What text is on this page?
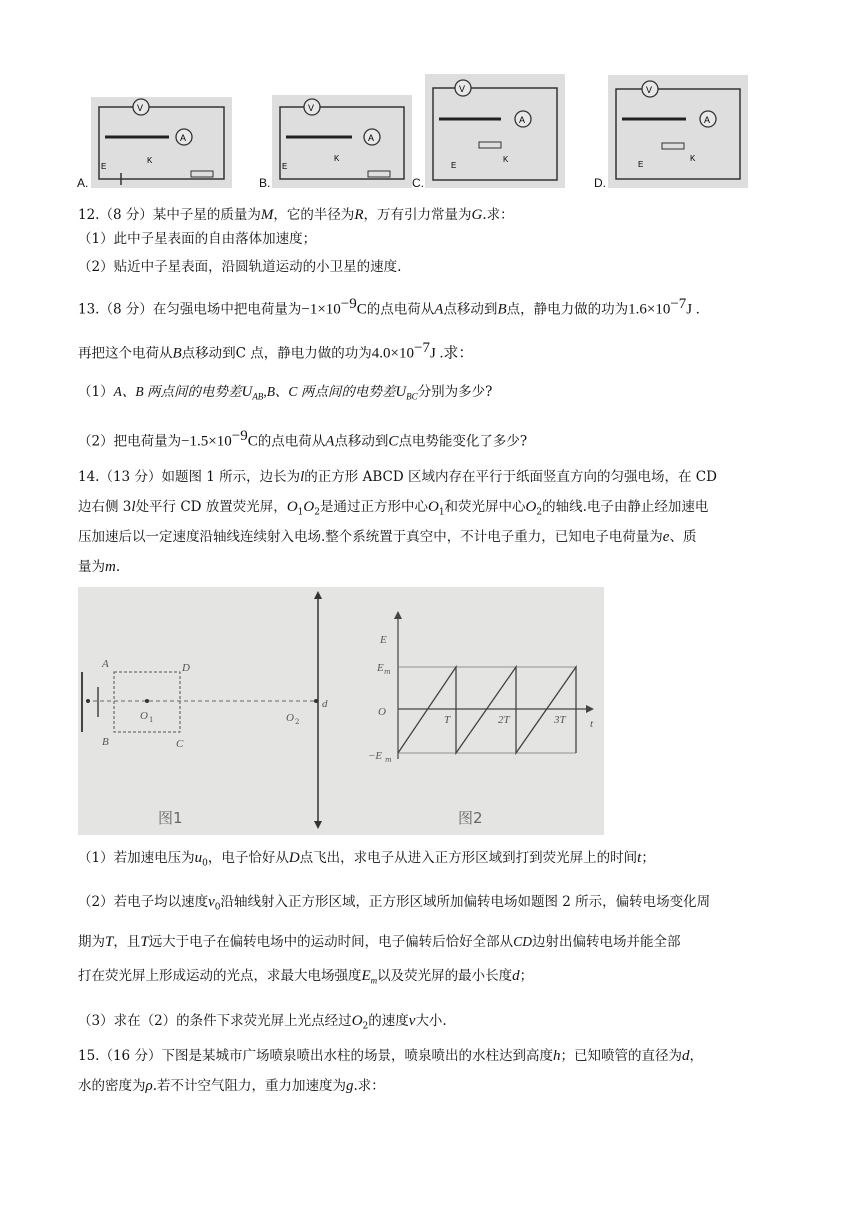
A.
V
A
E
K
B.
V
A
E
K
C.
V
A
E
K
D.
V
A
E
K
12.（8 分）某中子星的质量为M，它的半径为R，万有引力常量为G.求：
（1）此中子星表面的自由落体加速度；
（2）贴近中子星表面，沿圆轨道运动的小卫星的速度.
13.（8 分）在匀强电场中把电荷量为$-1\times 10^{-9}C$的点电荷从A点移动到B点，静电力做的功为$1.6\times 10^{-7}J$ .
再把这个电荷从B点移动到C 点，静电力做的功为$4.0\times 10^{-7}J$ .求：
（1）A、B 两点间的电势差$U_{AB},B$、C 两点间的电势差$U_{BC}$分别为多少?
（2）把电荷量为$-1.5\times 10^{-9}C$的点电荷从A点移动到C点电势能变化了多少?
14.（13 分）如题图 1 所示，边长为l的正方形 ABCD 区域内存在平行于纸面竖直方向的匀强电场，在 CD
边右侧 3l处平行 CD 放置荧光屏，$O_1O_2$是通过正方形中心$O_1$和荧光屏中心$O_2$的轴线.电子由静止经加速电
压加速后以一定速度沿轴线连续射入电场.整个系统置于真空中，不计电子重力，已知电子电荷量为e、质
量为m.
A
B
D
C
O 1	O 2
d
图1
E
E m
O
−E m
T	2T	3T t
图2
（1）若加速电压为$u_0$，电子恰好从D点飞出，求电子从进入正方形区域到打到荧光屏上的时间t；
（2）若电子均以速度$v_0$沿轴线射入正方形区域，正方形区域所加偏转电场如题图 2 所示，偏转电场变化周
期为T，且T远大于电子在偏转电场中的运动时间，电子偏转后恰好全部从CD边射出偏转电场并能全部
打在荧光屏上形成运动的光点，求最大电场强度$E_m$以及荧光屏的最小长度d；
（3）求在（2）的条件下求荧光屏上光点经过$O_2$的速度v大小.
15.（16 分）下图是某城市广场喷泉喷出水柱的场景，喷泉喷出的水柱达到高度h；已知喷管的直径为d，
水的密度为ρ.若不计空气阻力，重力加速度为g.求：
